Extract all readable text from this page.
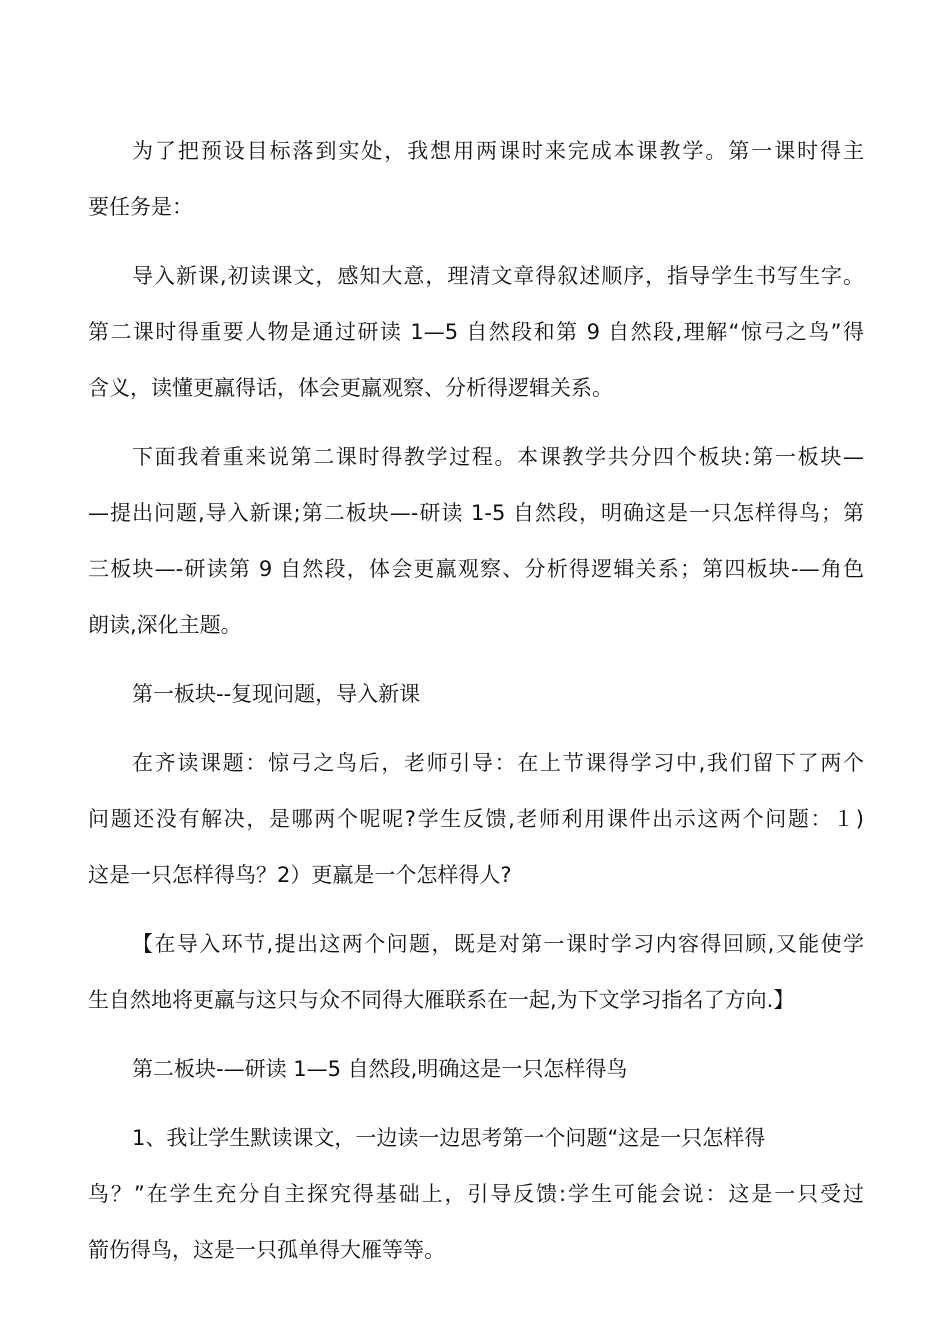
为了把预设目标落到实处，我想用两课时来完成本课教学。第一课时得主
要任务是：
导入新课,初读课文，感知大意，理清文章得叙述顺序，指导学生书写生字。
第二课时得重要人物是通过研读 1—5 自然段和第 9 自然段,理解“惊弓之鸟”得
含义，读懂更羸得话，体会更羸观察、分析得逻辑关系。
下面我着重来说第二课时得教学过程。本课教学共分四个板块:第一板块—
—提出问题,导入新课;第二板块—-研读 1-5 自然段，明确这是一只怎样得鸟；第
三板块—-研读第 9 自然段，体会更羸观察、分析得逻辑关系；第四板块-—角色
朗读,深化主题。
第一板块--复现问题，导入新课
在齐读课题：惊弓之鸟后，老师引导：在上节课得学习中,我们留下了两个
问题还没有解决，是哪两个呢呢?学生反馈,老师利用课件出示这两个问题：１)
这是一只怎样得鸟？2）更羸是一个怎样得人?
【在导入环节,提出这两个问题，既是对第一课时学习内容得回顾,又能使学
生自然地将更羸与这只与众不同得大雁联系在一起,为下文学习指名了方向.】
第二板块-—研读 1—5 自然段,明确这是一只怎样得鸟
1、我让学生默读课文，一边读一边思考第一个问题“这是一只怎样得
鸟？”在学生充分自主探究得基础上，引导反馈:学生可能会说：这是一只受过
箭伤得鸟，这是一只孤单得大雁等等。
